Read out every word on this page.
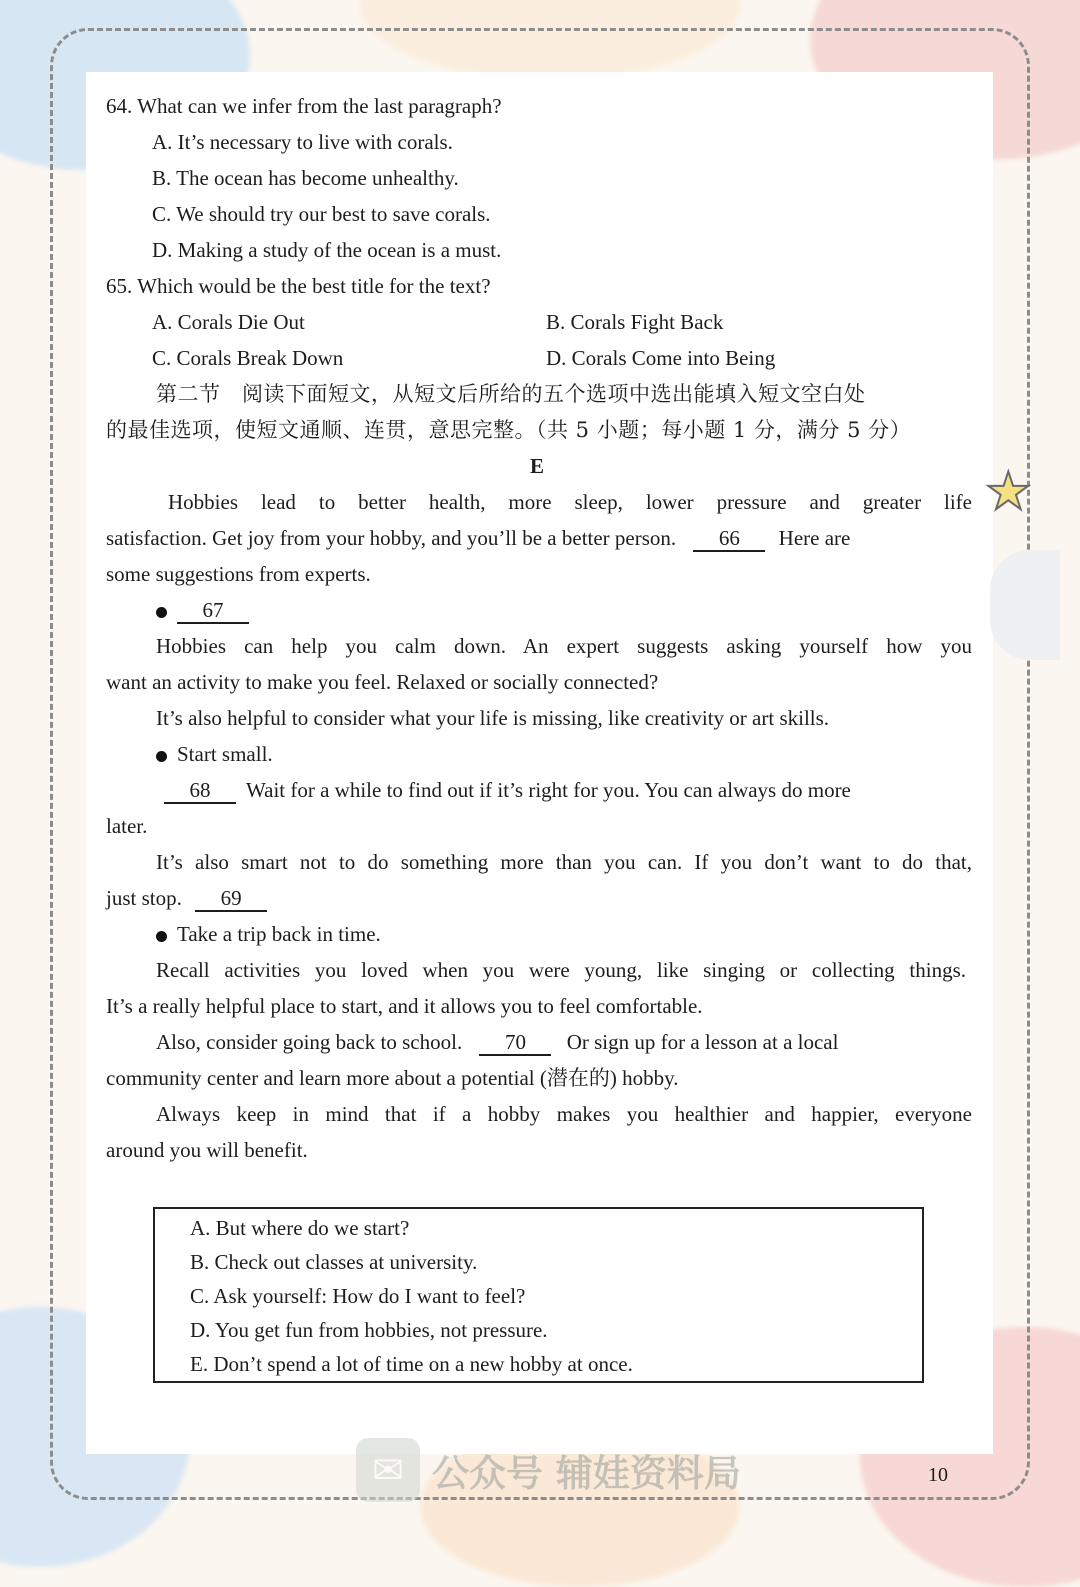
★
64. What can we infer from the last paragraph?
A. It’s necessary to live with corals.
B. The ocean has become unhealthy.
C. We should try our best to save corals.
D. Making a study of the ocean is a must.
65. Which would be the best title for the text?
A. Corals Die Out	B. Corals Fight Back
C. Corals Break Down	D. Corals Come into Being
第二节　阅读下面短文，从短文后所给的五个选项中选出能填入短文空白处
的最佳选项，使短文通顺、连贯，意思完整。（共 5 小题；每小题 1 分，满分 5 分）
E
Hobbies lead to better health, more sleep, lower pressure and greater life
satisfaction. Get joy from your hobby, and you’ll be a better person. 66 Here are
some suggestions from experts.
67
Hobbies can help you calm down. An expert suggests asking yourself how you
want an activity to make you feel. Relaxed or socially connected?
It’s also helpful to consider what your life is missing, like creativity or art skills.
Start small.
68 Wait for a while to find out if it’s right for you. You can always do more
later.
It’s also smart not to do something more than you can. If you don’t want to do that,
just stop. 69
Take a trip back in time.
Recall activities you loved when you were young, like singing or collecting things.
It’s a really helpful place to start, and it allows you to feel comfortable.
Also, consider going back to school. 70 Or sign up for a lesson at a local
community center and learn more about a potential (潜在的) hobby.
Always keep in mind that if a hobby makes you healthier and happier, everyone
around you will benefit.
A. But where do we start?
B. Check out classes at university.
C. Ask yourself: How do I want to feel?
D. You get fun from hobbies, not pressure.
E. Don’t spend a lot of time on a new hobby at once.
✉ 公众号 辅娃资料局	10
